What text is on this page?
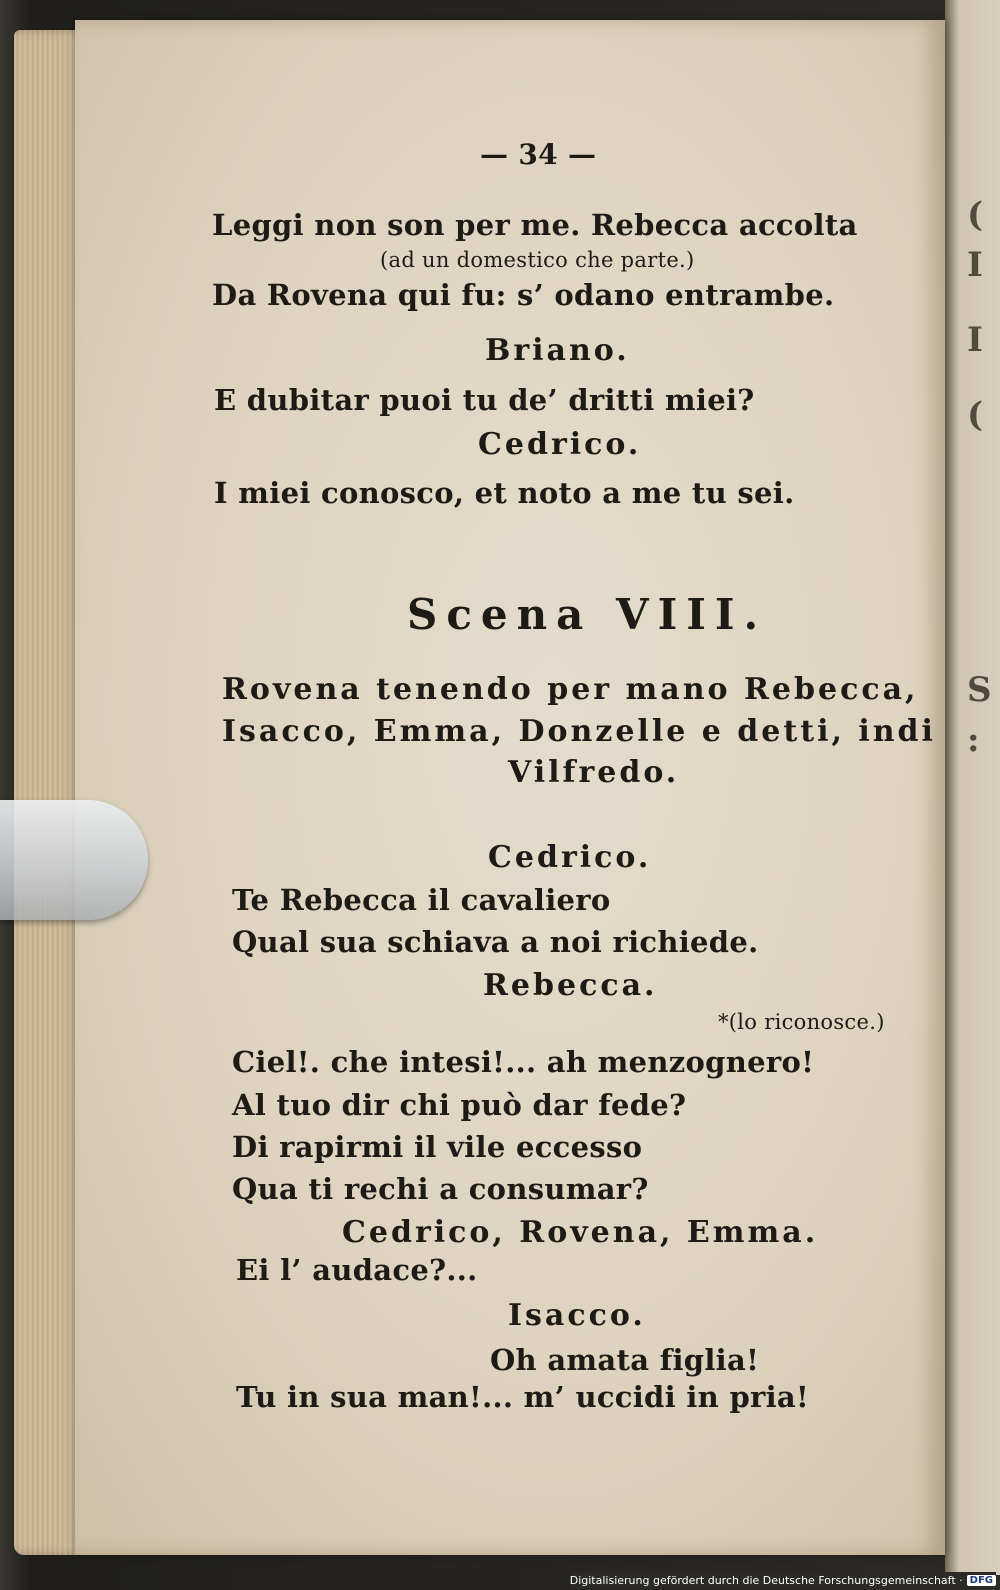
(
I
I
(
S
:
— 34 —
Leggi non son per me. Rebecca accolta
(ad un domestico che parte.)
Da Rovena qui fu: s’ odano entrambe.
Briano.
E dubitar puoi tu de’ dritti miei?
Cedrico.
I miei conosco, et noto a me tu sei.
Scena VIII.
Rovena tenendo per mano Rebecca,
Isacco, Emma, Donzelle e detti, indi
Vilfredo.
Cedrico.
Te Rebecca il cavaliero
Qual sua schiava a noi richiede.
Rebecca.
*(lo riconosce.)
Ciel!. che intesi!... ah menzognero!
Al tuo dir chi può dar fede?
Di rapirmi il vile eccesso
Qua ti rechi a consumar?
Cedrico, Rovena, Emma.
Ei l’ audace?...
Isacco.
Oh amata figlia!
Tu in sua man!... m’ uccidi in pria!
Digitalisierung gefördert durch die Deutsche Forschungsgemeinschaft · DFG
